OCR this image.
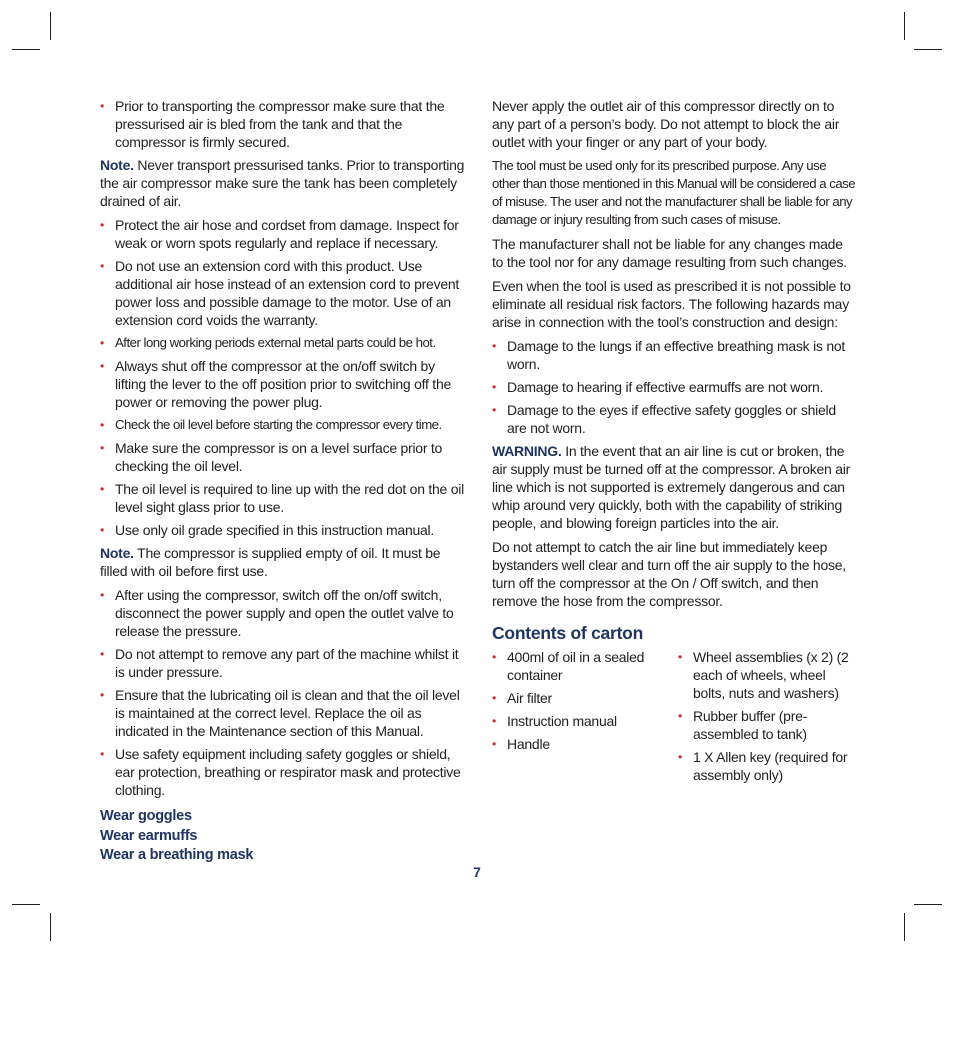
• Prior to transporting the compressor make sure that the pressurised air is bled from the tank and that the compressor is firmly secured.

Note. Never transport pressurised tanks. Prior to transporting the air compressor make sure the tank has been completely drained of air.

• Protect the air hose and cordset from damage. Inspect for weak or worn spots regularly and replace if necessary.
• Do not use an extension cord with this product. Use additional air hose instead of an extension cord to prevent power loss and possible damage to the motor. Use of an extension cord voids the warranty.
• After long working periods external metal parts could be hot.
• Always shut off the compressor at the on/off switch by lifting the lever to the off position prior to switching off the power or removing the power plug.
• Check the oil level before starting the compressor every time.
• Make sure the compressor is on a level surface prior to checking the oil level.
• The oil level is required to line up with the red dot on the oil level sight glass prior to use.
• Use only oil grade specified in this instruction manual.

Note. The compressor is supplied empty of oil. It must be filled with oil before first use.

• After using the compressor, switch off the on/off switch, disconnect the power supply and open the outlet valve to release the pressure.
• Do not attempt to remove any part of the machine whilst it is under pressure.
• Ensure that the lubricating oil is clean and that the oil level is maintained at the correct level. Replace the oil as indicated in the Maintenance section of this Manual.
• Use safety equipment including safety goggles or shield, ear protection, breathing or respirator mask and protective clothing.
Wear goggles
Wear earmuffs
Wear a breathing mask

Never apply the outlet air of this compressor directly on to any part of a person’s body. Do not attempt to block the air outlet with your finger or any part of your body.

The tool must be used only for its prescribed purpose. Any use other than those mentioned in this Manual will be considered a case of misuse. The user and not the manufacturer shall be liable for any damage or injury resulting from such cases of misuse.

The manufacturer shall not be liable for any changes made to the tool nor for any damage resulting from such changes.

Even when the tool is used as prescribed it is not possible to eliminate all residual risk factors. The following hazards may arise in connection with the tool’s construction and design:

• Damage to the lungs if an effective breathing mask is not worn.
• Damage to hearing if effective earmuffs are not worn.
• Damage to the eyes if effective safety goggles or shield are not worn.

WARNING. In the event that an air line is cut or broken, the air supply must be turned off at the compressor. A broken air line which is not supported is extremely dangerous and can whip around very quickly, both with the capability of striking people, and blowing foreign particles into the air.

Do not attempt to catch the air line but immediately keep bystanders well clear and turn off the air supply to the hose, turn off the compressor at the On / Off switch, and then remove the hose from the compressor.

Contents of carton
• 400ml of oil in a sealed container
• Air filter
• Instruction manual
• Handle
• Wheel assemblies (x 2) (2 each of wheels, wheel bolts, nuts and washers)
• Rubber buffer (pre-assembled to tank)
• 1 X Allen key (required for assembly only)
7
